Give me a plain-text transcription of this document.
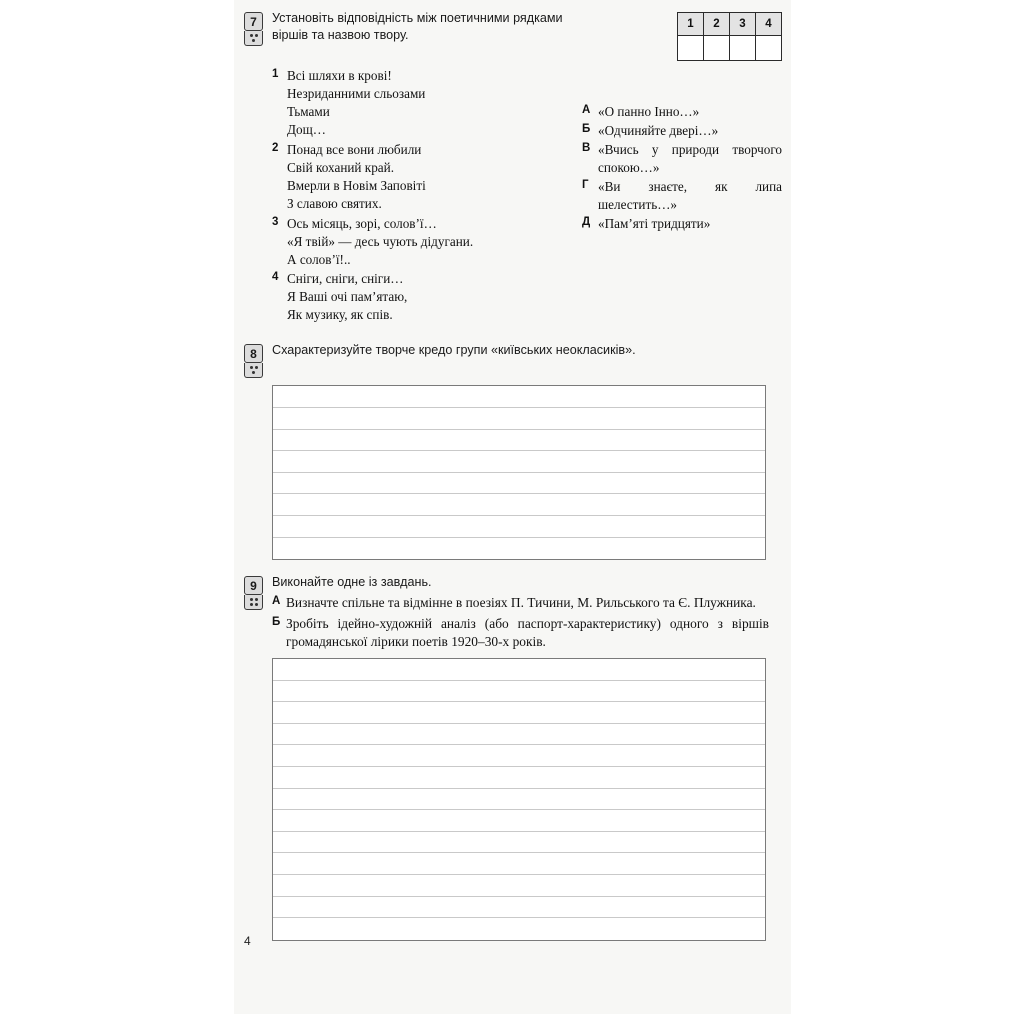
7	Установіть відповідність між поетичними рядками віршів та назвою твору.
1	2	3	4

1 Всі шляхи в крові!
Незриданними сльозами
Тьмами
Дощ…
2 Понад все вони любили
Свій коханий край.
Вмерли в Новім Заповіті
З славою святих.
3 Ось місяць, зорі, солов’ї…
«Я твій» — десь чують дідугани.
А солов’ї!..
4 Сніги, сніги, сніги…
Я Ваші очі пам’ятаю,
Як музику, як спів.
А «О панно Інно…»
Б «Одчиняйте двері…»
В «Вчись у природи творчого спокою…»
Г «Ви знаєте, як липа шелестить…»
Д «Пам’яті тридцяти»
8	Схарактеризуйте творче кредо групи «київських неокласиків».
9	Виконайте одне із завдань.
А Визначте спільне та відмінне в поезіях П. Тичини, М. Рильського та Є. Плужника.
Б Зробіть ідейно-художній аналіз (або паспорт-характеристику) одного з віршів громадянської лірики поетів 1920–30-х років.
4
